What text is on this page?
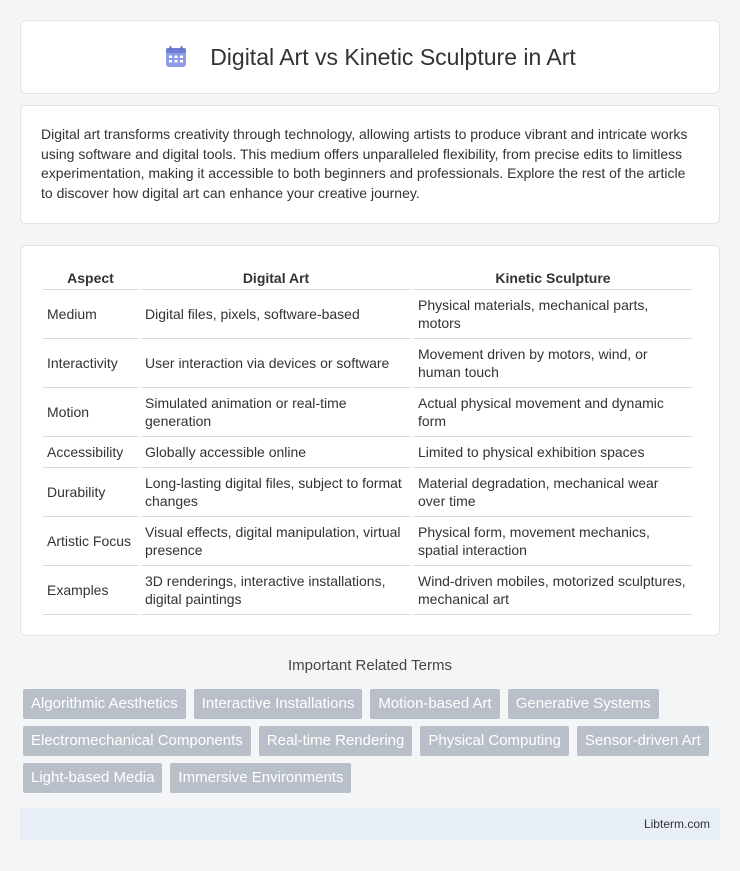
Digital Art vs Kinetic Sculpture in Art

Digital art transforms creativity through technology, allowing artists to produce vibrant and intricate works using software and digital tools. This medium offers unparalleled flexibility, from precise edits to limitless experimentation, making it accessible to both beginners and professionals. Explore the rest of the article to discover how digital art can enhance your creative journey.

Aspect	Digital Art	Kinetic Sculpture
Medium	Digital files, pixels, software-based	Physical materials, mechanical parts, motors
Interactivity	User interaction via devices or software	Movement driven by motors, wind, or human touch
Motion	Simulated animation or real-time generation	Actual physical movement and dynamic form
Accessibility	Globally accessible online	Limited to physical exhibition spaces
Durability	Long-lasting digital files, subject to format changes	Material degradation, mechanical wear over time
Artistic Focus	Visual effects, digital manipulation, virtual presence	Physical form, movement mechanics, spatial interaction
Examples	3D renderings, interactive installations, digital paintings	Wind-driven mobiles, motorized sculptures, mechanical art
Important Related Terms
Algorithmic Aesthetics	Interactive Installations	Motion-based Art	Generative Systems
Electromechanical Components	Real-time Rendering	Physical Computing	Sensor-driven Art
Light-based Media	Immersive Environments
Libterm.com
